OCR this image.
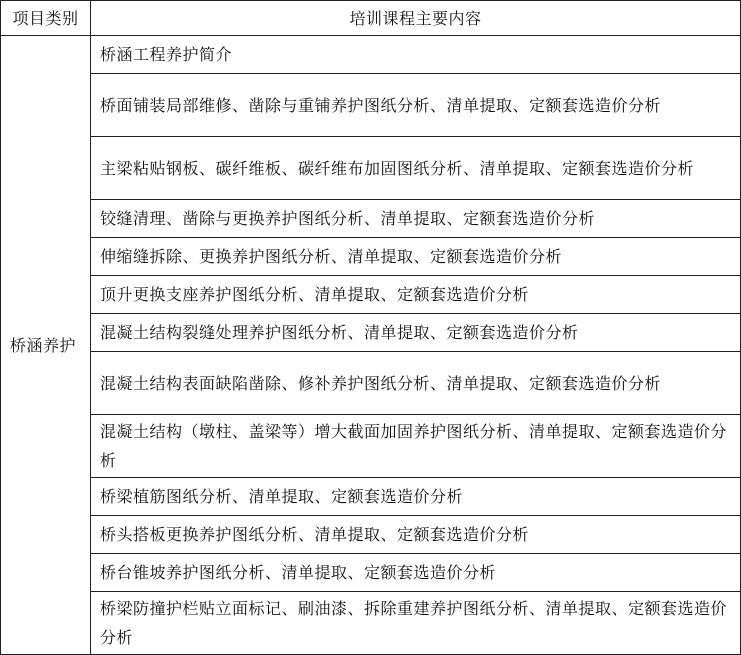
项目类别	培训课程主要内容
桥涵养护	桥涵工程养护简介
	桥面铺装局部维修、凿除与重铺养护图纸分析、清单提取、定额套选造价分析
	主梁粘贴钢板、碳纤维板、碳纤维布加固图纸分析、清单提取、定额套选造价分析
	铰缝清理、凿除与更换养护图纸分析、清单提取、定额套选造价分析
	伸缩缝拆除、更换养护图纸分析、清单提取、定额套选造价分析
	顶升更换支座养护图纸分析、清单提取、定额套选造价分析
	混凝土结构裂缝处理养护图纸分析、清单提取、定额套选造价分析
	混凝土结构表面缺陷凿除、修补养护图纸分析、清单提取、定额套选造价分析
	混凝土结构（墩柱、盖梁等）增大截面加固养护图纸分析、清单提取、定额套选造价分析
	桥梁植筋图纸分析、清单提取、定额套选造价分析
	桥头搭板更换养护图纸分析、清单提取、定额套选造价分析
	桥台锥坡养护图纸分析、清单提取、定额套选造价分析
	桥梁防撞护栏贴立面标记、刷油漆、拆除重建养护图纸分析、清单提取、定额套选造价分析
